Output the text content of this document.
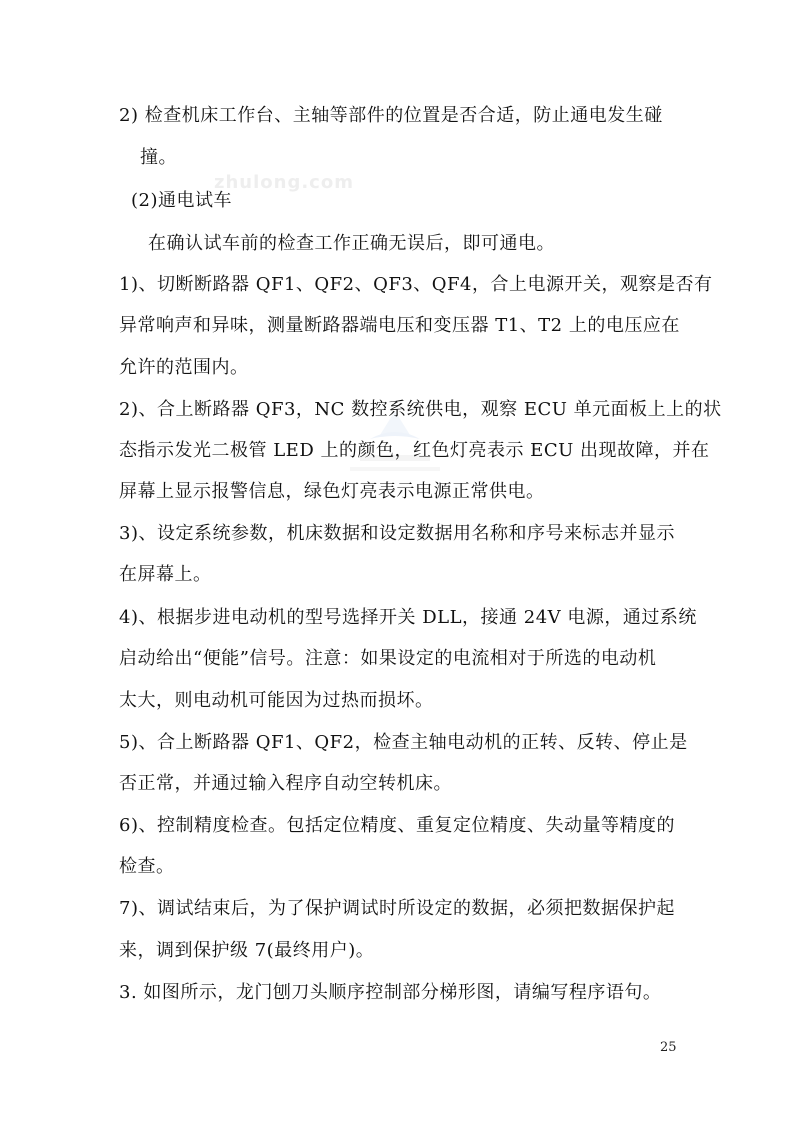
zhulong.com
2) 检查机床工作台、主轴等部件的位置是否合适，防止通电发生碰
撞。
(2)通电试车
在确认试车前的检查工作正确无误后，即可通电。
1)、切断断路器 QF1、QF2、QF3、QF4，合上电源开关，观察是否有
异常响声和异味，测量断路器端电压和变压器 T1、T2 上的电压应在
允许的范围内。
2)、合上断路器 QF3，NC 数控系统供电，观察 ECU 单元面板上上的状
态指示发光二极管 LED 上的颜色，红色灯亮表示 ECU 出现故障，并在
屏幕上显示报警信息，绿色灯亮表示电源正常供电。
3)、设定系统参数，机床数据和设定数据用名称和序号来标志并显示
在屏幕上。
4)、根据步进电动机的型号选择开关 DLL，接通 24V 电源，通过系统
启动给出“便能”信号。注意：如果设定的电流相对于所选的电动机
太大，则电动机可能因为过热而损坏。
5)、合上断路器 QF1、QF2，检查主轴电动机的正转、反转、停止是
否正常，并通过输入程序自动空转机床。
6)、控制精度检查。包括定位精度、重复定位精度、失动量等精度的
检查。
7)、调试结束后，为了保护调试时所设定的数据，必须把数据保护起
来，调到保护级 7(最终用户)。
3. 如图所示，龙门刨刀头顺序控制部分梯形图，请编写程序语句。
25
